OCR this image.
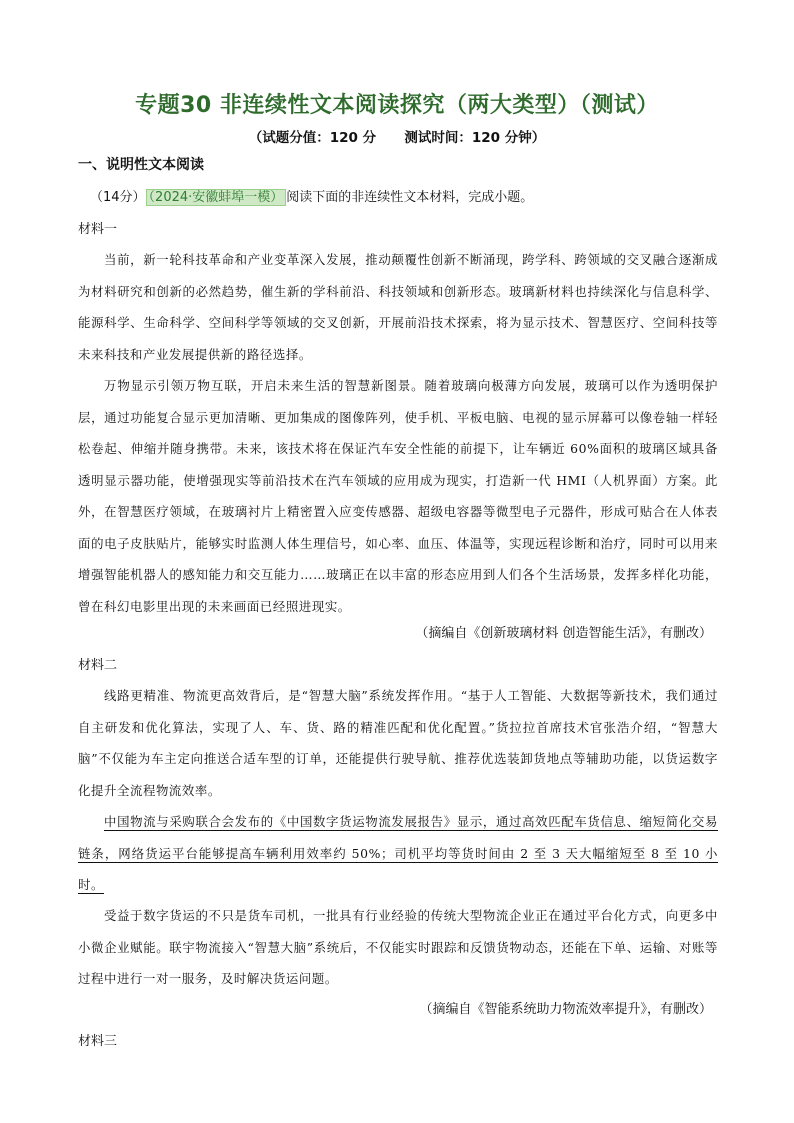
专题30 非连续性文本阅读探究（两大类型）（测试）
（试题分值：120 分      测试时间：120 分钟）
一、说明性文本阅读
（14分） （2024·安徽蚌埠一模） 阅读下面的非连续性文本材料，完成小题。
材料一
当前，新一轮科技革命和产业变革深入发展，推动颠覆性创新不断涌现，跨学科、跨领域的交叉融合逐渐成为材料研究和创新的必然趋势，催生新的学科前沿、科技领域和创新形态。玻璃新材料也持续深化与信息科学、能源科学、生命科学、空间科学等领域的交叉创新，开展前沿技术探索，将为显示技术、智慧医疗、空间科技等未来科技和产业发展提供新的路径选择。
万物显示引领万物互联，开启未来生活的智慧新图景。随着玻璃向极薄方向发展，玻璃可以作为透明保护层，通过功能复合显示更加清晰、更加集成的图像阵列，使手机、平板电脑、电视的显示屏幕可以像卷轴一样轻松卷起、伸缩并随身携带。未来，该技术将在保证汽车安全性能的前提下，让车辆近 60%面积的玻璃区域具备透明显示器功能，使增强现实等前沿技术在汽车领域的应用成为现实，打造新一代 HMI（人机界面）方案。此外，在智慧医疗领域，在玻璃衬片上精密置入应变传感器、超级电容器等微型电子元器件，形成可贴合在人体表面的电子皮肤贴片，能够实时监测人体生理信号，如心率、血压、体温等，实现远程诊断和治疗，同时可以用来增强智能机器人的感知能力和交互能力……玻璃正在以丰富的形态应用到人们各个生活场景，发挥多样化功能，曾在科幻电影里出现的未来画面已经照进现实。
（摘编自《创新玻璃材料 创造智能生活》，有删改）
材料二
线路更精准、物流更高效背后，是“智慧大脑”系统发挥作用。“基于人工智能、大数据等新技术，我们通过自主研发和优化算法，实现了人、车、货、路的精准匹配和优化配置。”货拉拉首席技术官张浩介绍，“智慧大脑”不仅能为车主定向推送合适车型的订单，还能提供行驶导航、推荐优选装卸货地点等辅助功能，以货运数字化提升全流程物流效率。
中国物流与采购联合会发布的《中国数字货运物流发展报告》显示，通过高效匹配车货信息、缩短简化交易链条，网络货运平台能够提高车辆利用效率约 50%；司机平均等货时间由 2 至 3 天大幅缩短至 8 至 10 小时。
受益于数字货运的不只是货车司机，一批具有行业经验的传统大型物流企业正在通过平台化方式，向更多中小微企业赋能。联宇物流接入“智慧大脑”系统后，不仅能实时跟踪和反馈货物动态，还能在下单、运输、对账等过程中进行一对一服务，及时解决货运问题。
（摘编自《智能系统助力物流效率提升》，有删改）
材料三
